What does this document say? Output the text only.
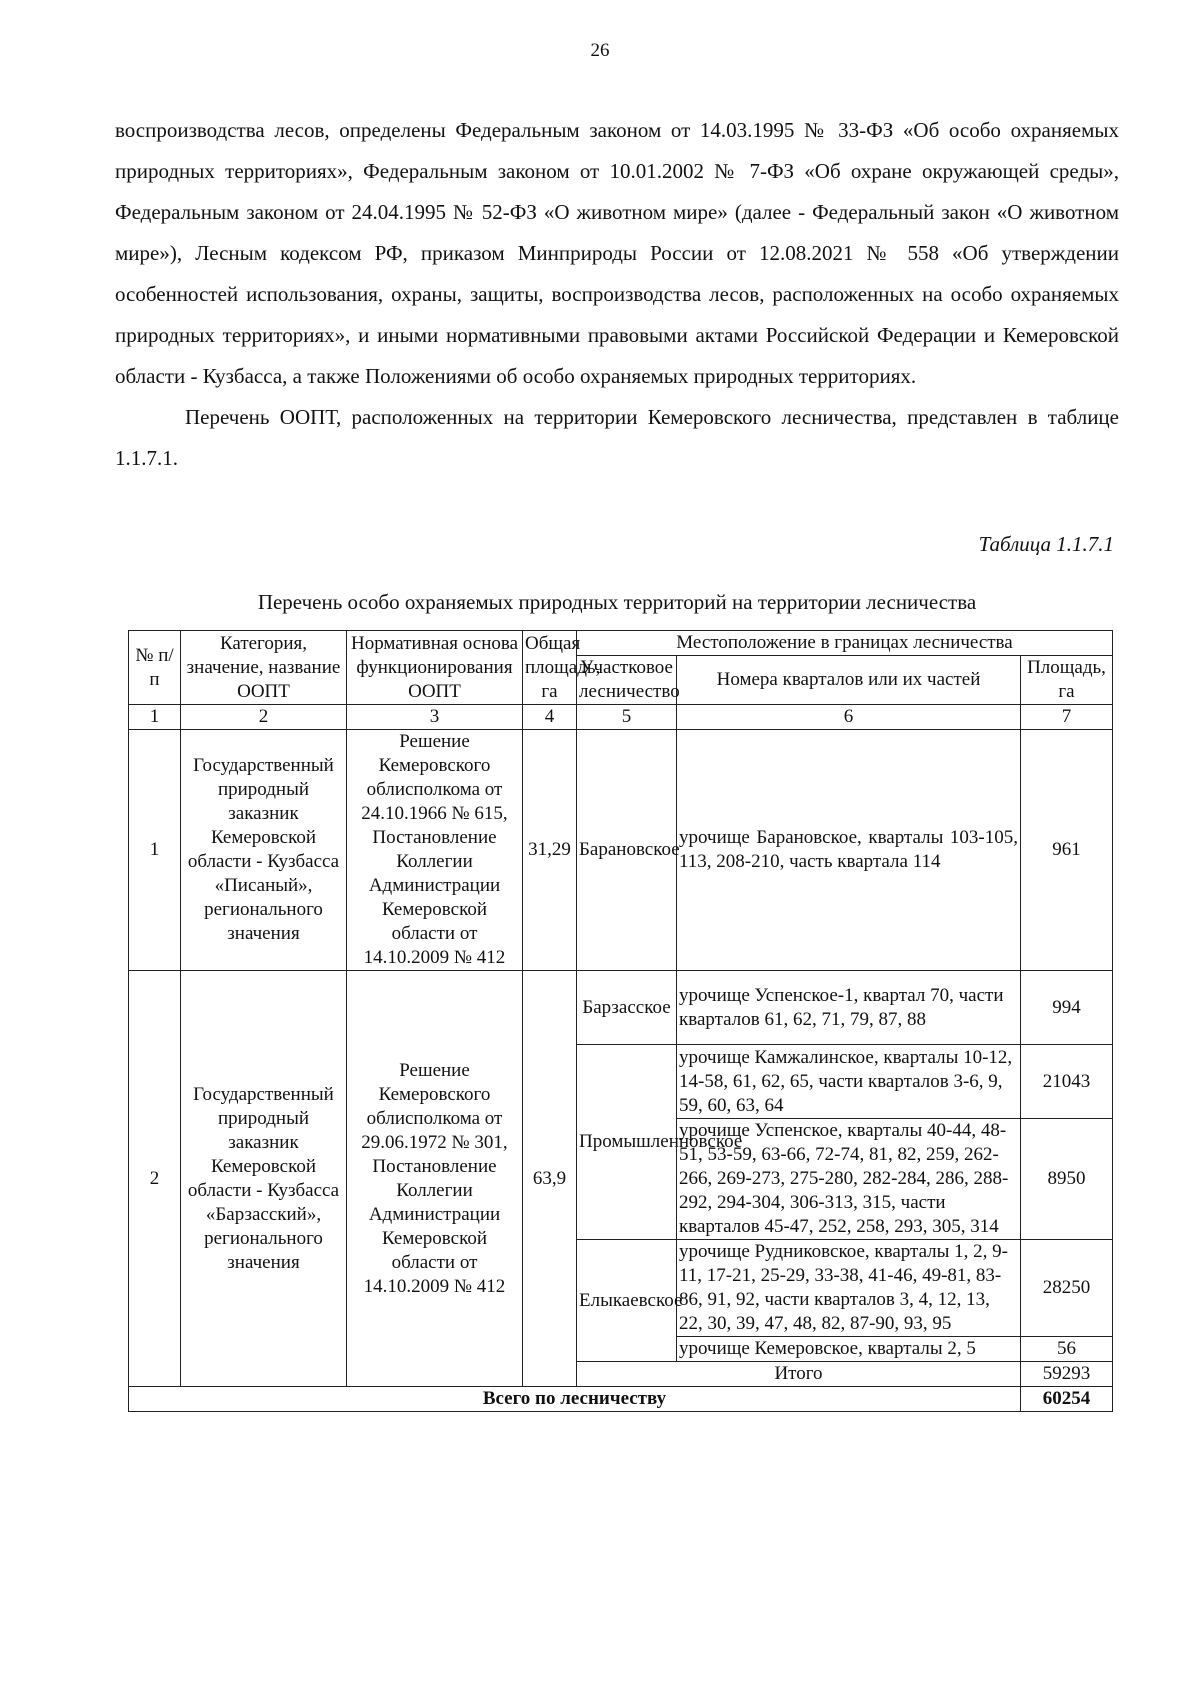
26

воспроизводства лесов, определены Федеральным законом от 14.03.1995 № 33-ФЗ «Об особо охраняемых природных территориях», Федеральным законом от 10.01.2002 № 7-ФЗ «Об охране окружающей среды», Федеральным законом от 24.04.1995 № 52-ФЗ «О животном мире» (далее - Федеральный закон «О животном мире»), Лесным кодексом РФ, приказом Минприроды России от 12.08.2021 № 558 «Об утверждении особенностей использования, охраны, защиты, воспроизводства лесов, расположенных на особо охраняемых природных территориях», и иными нормативными правовыми актами Российской Федерации и Кемеровской области - Кузбасса, а также Положениями об особо охраняемых природных территориях.

Перечень ООПТ, расположенных на территории Кемеровского лесничества, представлен в таблице 1.1.7.1.

Таблица 1.1.7.1
Перечень особо охраняемых природных территорий на территории лесничества
№ п/п	Категория, значение, название ООПТ	Нормативная основа функционирования ООПТ	Общая площадь, га	Местоположение в границах лесничества		
				Участковое лесничество	Номера кварталов или их частей	Площадь, га
1	2	3	4	5	6	7
1	Государственный природный заказник Кемеровской области - Кузбасса «Писаный», регионального значения	Решение Кемеровского облисполкома от 24.10.1966 № 615, Постановление Коллегии Администрации Кемеровской области от 14.10.2009 № 412	31,29	Барановское	урочище Барановское, кварталы 103-105, 113, 208-210, часть квартала 114	961
2	Государственный природный заказник Кемеровской области - Кузбасса «Барзасский», регионального значения	Решение Кемеровского облисполкома от 29.06.1972 № 301, Постановление Коллегии Администрации Кемеровской области от 14.10.2009 № 412	63,9	Барзасское	урочище Успенское-1, квартал 70, части кварталов 61, 62, 71, 79, 87, 88	994
				Промышленновское	урочище Камжалинское, кварталы 10-12, 14-58, 61, 62, 65, части кварталов 3-6, 9, 59, 60, 63, 64	21043
					урочище Успенское, кварталы 40-44, 48-51, 53-59, 63-66, 72-74, 81, 82, 259, 262-266, 269-273, 275-280, 282-284, 286, 288-292, 294-304, 306-313, 315, части кварталов 45-47, 252, 258, 293, 305, 314	8950
				Елыкаевское	урочище Рудниковское, кварталы 1, 2, 9-11, 17-21, 25-29, 33-38, 41-46, 49-81, 83-86, 91, 92, части кварталов 3, 4, 12, 13, 22, 30, 39, 47, 48, 82, 87-90, 93, 95	28250
					урочище Кемеровское, кварталы 2, 5	56
				Итого		59293
Всего по лесничеству						60254
